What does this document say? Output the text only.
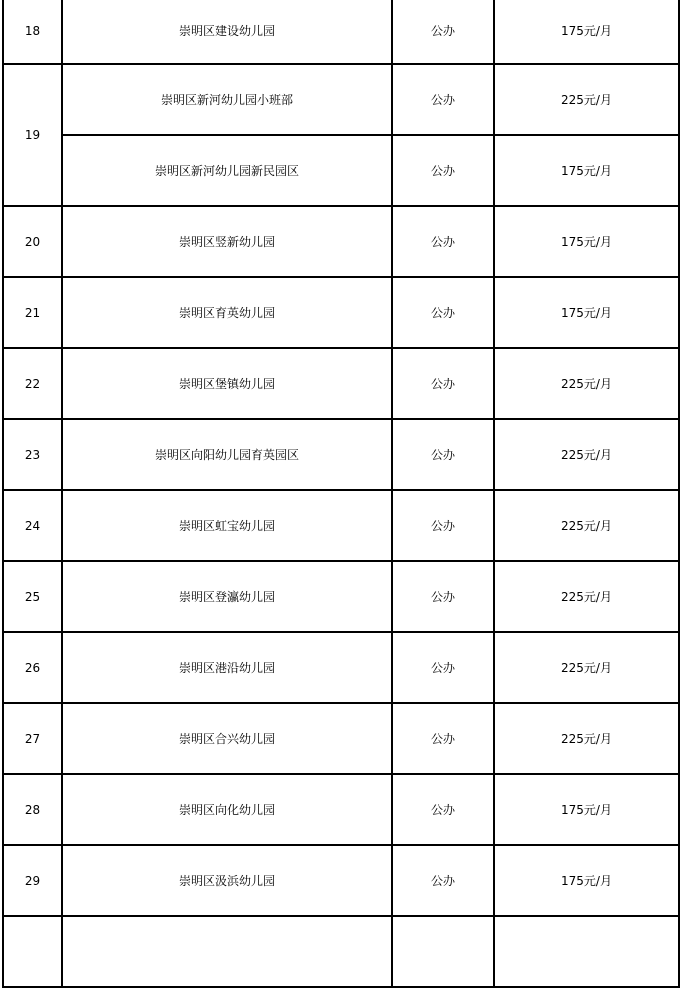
18	崇明区建设幼儿园	公办	175元/月
19	崇明区新河幼儿园小班部	公办	225元/月
	崇明区新河幼儿园新民园区	公办	175元/月
20	崇明区竖新幼儿园	公办	175元/月
21	崇明区育英幼儿园	公办	175元/月
22	崇明区堡镇幼儿园	公办	225元/月
23	崇明区向阳幼儿园育英园区	公办	225元/月
24	崇明区虹宝幼儿园	公办	225元/月
25	崇明区登瀛幼儿园	公办	225元/月
26	崇明区港沿幼儿园	公办	225元/月
27	崇明区合兴幼儿园	公办	225元/月
28	崇明区向化幼儿园	公办	175元/月
29	崇明区汲浜幼儿园	公办	175元/月
